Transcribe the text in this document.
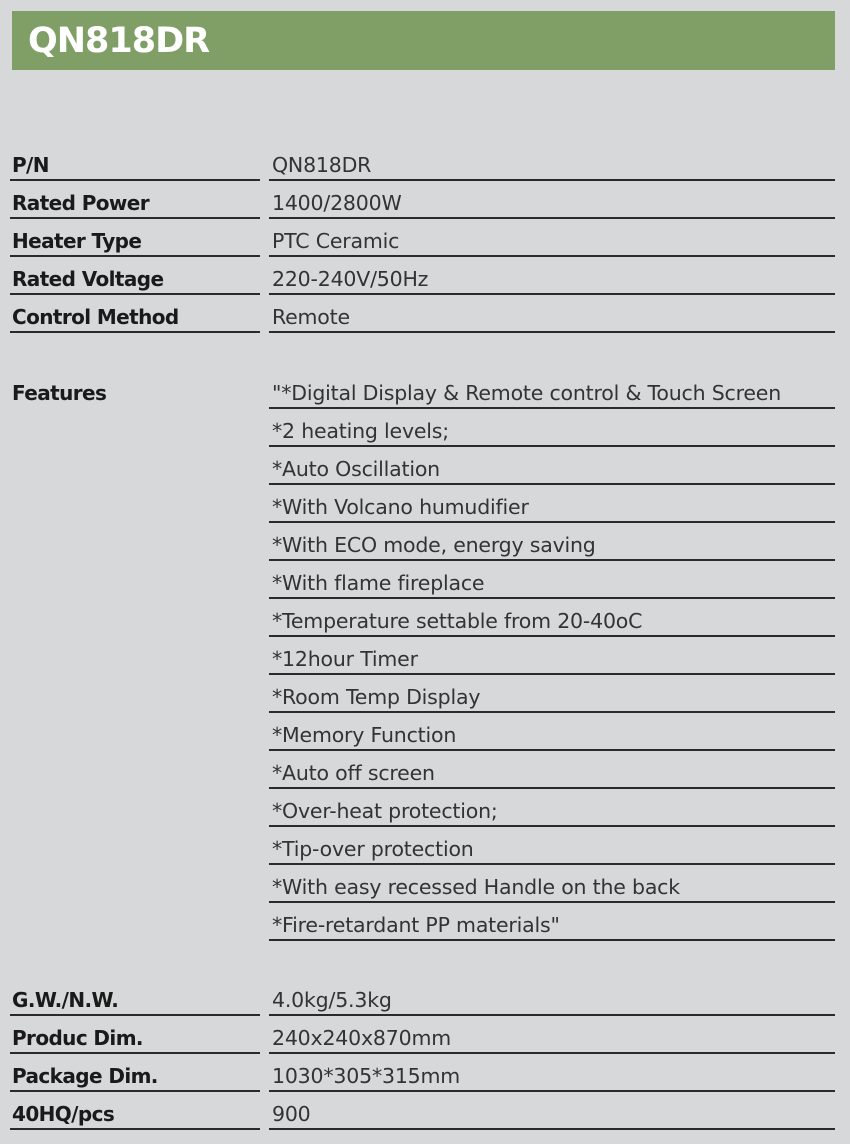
QN818DR
P/N	QN818DR
Rated Power	1400/2800W
Heater Type	PTC Ceramic
Rated Voltage	220-240V/50Hz
Control Method	Remote
Features	"*Digital Display & Remote control & Touch Screen
*2 heating levels;
*Auto Oscillation
*With Volcano humudifier
*With ECO mode, energy saving
*With flame fireplace
*Temperature settable from 20-40oC
*12hour Timer
*Room Temp Display
*Memory Function
*Auto off screen
*Over-heat protection;
*Tip-over protection
*With easy recessed Handle on the back
*Fire-retardant PP materials"
G.W./N.W.	4.0kg/5.3kg
Produc Dim.	240x240x870mm
Package Dim.	1030*305*315mm
40HQ/pcs	900
